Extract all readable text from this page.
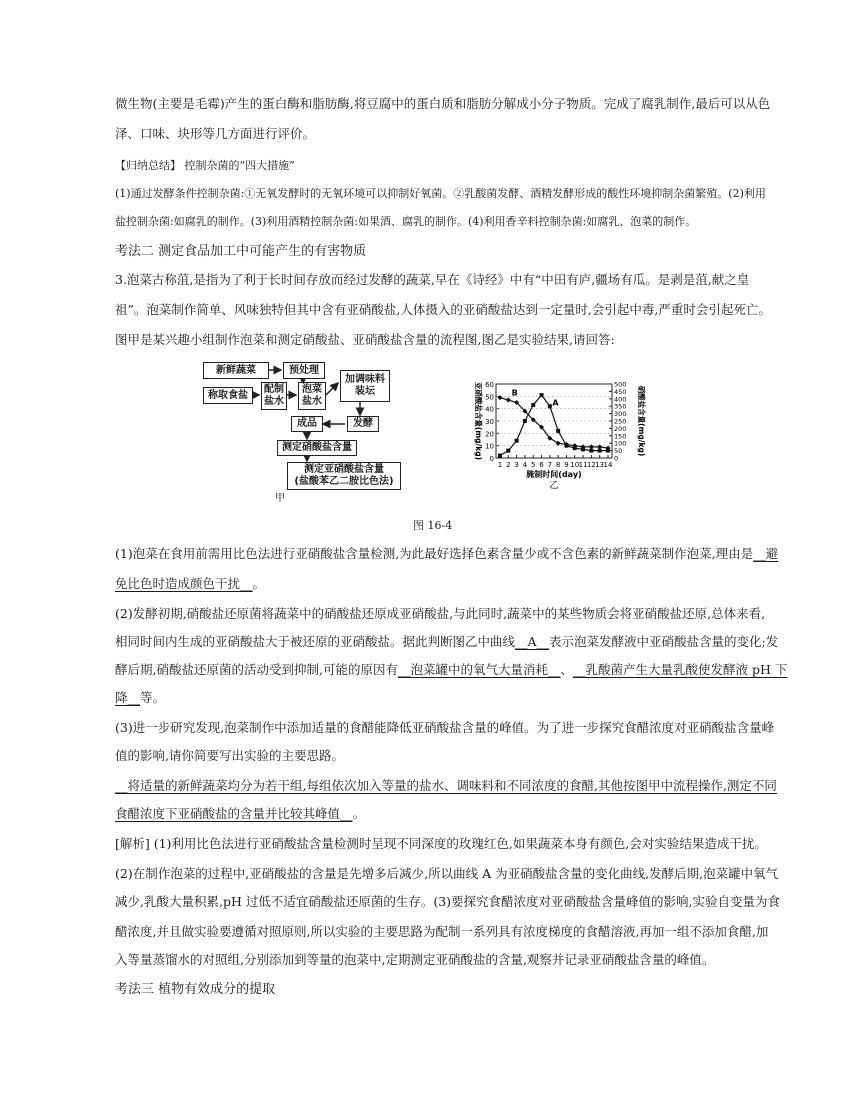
微生物(主要是毛霉)产生的蛋白酶和脂肪酶,将豆腐中的蛋白质和脂肪分解成小分子物质。完成了腐乳制作,最后可以从色
泽、口味、块形等几方面进行评价。
【归纳总结】 控制杂菌的“四大措施”
(1)通过发酵条件控制杂菌:①无氧发酵时的无氧环境可以抑制好氧菌。②乳酸菌发酵、酒精发酵形成的酸性环境抑制杂菌繁殖。(2)利用
盐控制杂菌:如腐乳的制作。(3)利用酒精控制杂菌:如果酒、腐乳的制作。(4)利用香辛料控制杂菌:如腐乳、泡菜的制作。
考法二 测定食品加工中可能产生的有害物质
3.泡菜古称菹,是指为了利于长时间存放而经过发酵的蔬菜,早在《诗经》中有“中田有庐,疆场有瓜。是剥是菹,献之皇
祖”。泡菜制作简单、风味独特但其中含有亚硝酸盐,人体摄入的亚硝酸盐达到一定量时,会引起中毒,严重时会引起死亡。
图甲是某兴趣小组制作泡菜和测定硝酸盐、亚硝酸盐含量的流程图,图乙是实验结果,请回答:
新鲜蔬菜	预处理
称取食盐	配制
盐水
泡菜
盐水
加调味料
装坛
发酵
成品
测定硝酸盐含量
测定亚硝酸盐含量
(盐酸苯乙二胺比色法)
甲
0
10
20
30
40
50
60
0
50
100
150
200
250
300
350
400
450
500
1 2 3 4 5 6 7 8 9 10 11 12 13 14
腌制时间(day)
亚硝酸盐含量(mg/kg)	硝酸盐含量(mg/kg)
A
B
乙
图 16-4
(1)泡菜在食用前需用比色法进行亚硝酸盐含量检测,为此最好选择色素含量少或不含色素的新鲜蔬菜制作泡菜,理由是__避
免比色时造成颜色干扰__。
(2)发酵初期,硝酸盐还原菌将蔬菜中的硝酸盐还原成亚硝酸盐,与此同时,蔬菜中的某些物质会将亚硝酸盐还原,总体来看,
相同时间内生成的亚硝酸盐大于被还原的亚硝酸盐。据此判断图乙中曲线__A__表示泡菜发酵液中亚硝酸盐含量的变化;发
酵后期,硝酸盐还原菌的活动受到抑制,可能的原因有__泡菜罐中的氧气大量消耗__、__乳酸菌产生大量乳酸使发酵液 pH 下
降__等。
(3)进一步研究发现,泡菜制作中添加适量的食醋能降低亚硝酸盐含量的峰值。为了进一步探究食醋浓度对亚硝酸盐含量峰
值的影响,请你简要写出实验的主要思路。
__将适量的新鲜蔬菜均分为若干组,每组依次加入等量的盐水、调味料和不同浓度的食醋,其他按图甲中流程操作,测定不同
食醋浓度下亚硝酸盐的含量并比较其峰值__。
[解析] (1)利用比色法进行亚硝酸盐含量检测时呈现不同深度的玫瑰红色,如果蔬菜本身有颜色,会对实验结果造成干扰。
(2)在制作泡菜的过程中,亚硝酸盐的含量是先增多后减少,所以曲线 A 为亚硝酸盐含量的变化曲线,发酵后期,泡菜罐中氧气
减少,乳酸大量积累,pH 过低不适宜硝酸盐还原菌的生存。(3)要探究食醋浓度对亚硝酸盐含量峰值的影响,实验自变量为食
醋浓度,并且做实验要遵循对照原则,所以实验的主要思路为配制一系列具有浓度梯度的食醋溶液,再加一组不添加食醋,加
入等量蒸馏水的对照组,分别添加到等量的泡菜中,定期测定亚硝酸盐的含量,观察并记录亚硝酸盐含量的峰值。
考法三 植物有效成分的提取
